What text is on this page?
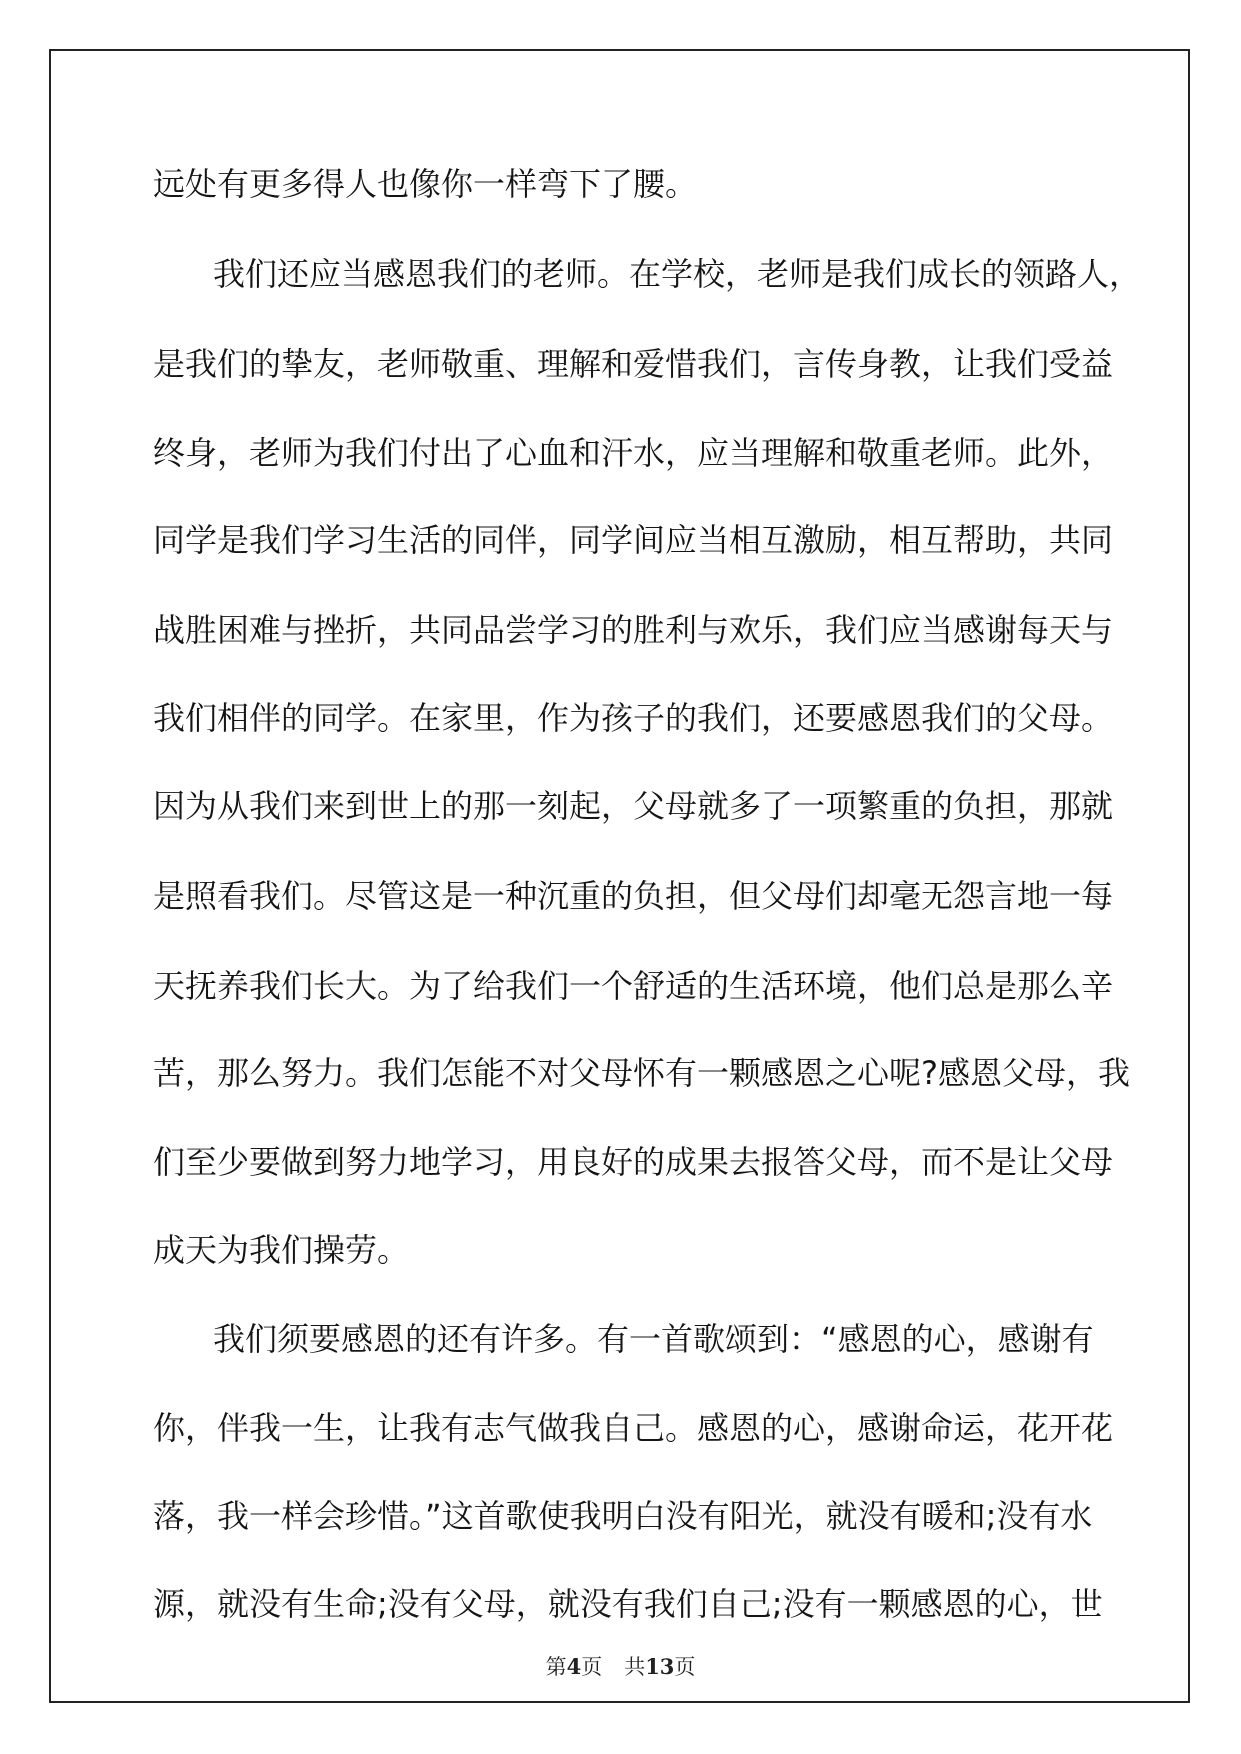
远处有更多得人也像你一样弯下了腰。
我们还应当感恩我们的老师。在学校，老师是我们成长的领路人，
是我们的挚友，老师敬重、理解和爱惜我们，言传身教，让我们受益
终身，老师为我们付出了心血和汗水，应当理解和敬重老师。此外，
同学是我们学习生活的同伴，同学间应当相互激励，相互帮助，共同
战胜困难与挫折，共同品尝学习的胜利与欢乐，我们应当感谢每天与
我们相伴的同学。在家里，作为孩子的我们，还要感恩我们的父母。
因为从我们来到世上的那一刻起，父母就多了一项繁重的负担，那就
是照看我们。尽管这是一种沉重的负担，但父母们却毫无怨言地一每
天抚养我们长大。为了给我们一个舒适的生活环境，他们总是那么辛
苦，那么努力。我们怎能不对父母怀有一颗感恩之心呢?感恩父母，我
们至少要做到努力地学习，用良好的成果去报答父母，而不是让父母
成天为我们操劳。
我们须要感恩的还有许多。有一首歌颂到：“感恩的心，感谢有
你，伴我一生，让我有志气做我自己。感恩的心，感谢命运，花开花
落，我一样会珍惜。”这首歌使我明白没有阳光，就没有暖和;没有水
源，就没有生命;没有父母，就没有我们自己;没有一颗感恩的心，世
第4页 共13页
